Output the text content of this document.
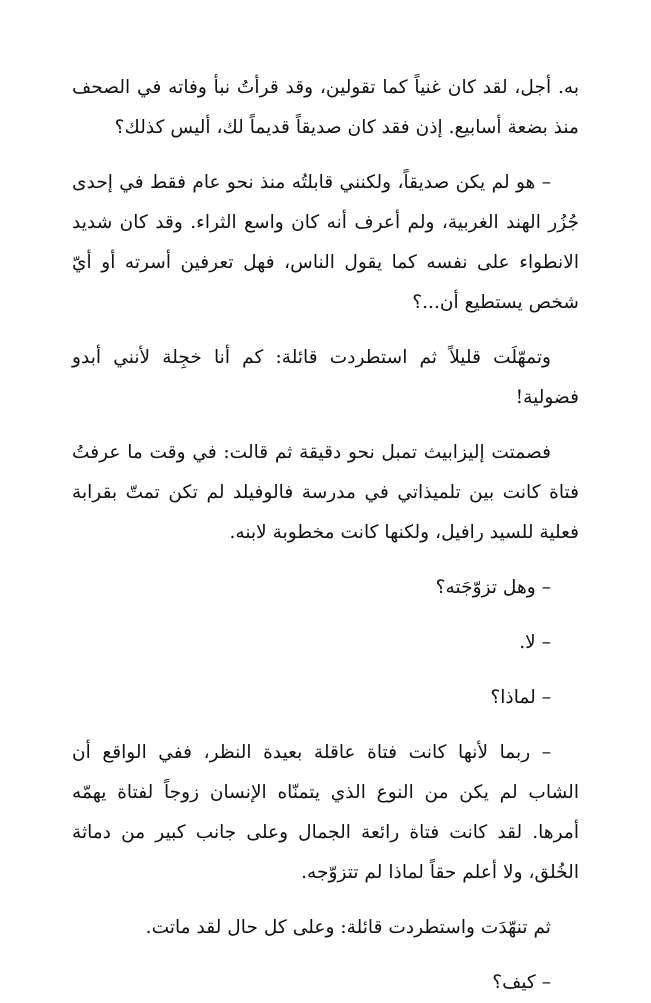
به. أجل، لقد كان غنياً كما تقولين، وقد قرأتُ نبأ وفاته في الصحف منذ بضعة أسابيع. إذن فقد كان صديقاً قديماً لك، أليس كذلك؟

– هو لم يكن صديقاً، ولكنني قابلتُه منذ نحو عام فقط في إحدى جُزُر الهند الغربية، ولم أعرف أنه كان واسع الثراء. وقد كان شديد الانطواء على نفسه كما يقول الناس، فهل تعرفين أسرته أو أيّ شخص يستطيع أن...؟

وتمهّلَت قليلاً ثم استطردت قائلة: كم أنا خجِلة لأنني أبدو فضولية!

فصمتت إليزابيث تمبل نحو دقيقة ثم قالت: في وقت ما عرفتُ فتاة كانت بين تلميذاتي في مدرسة فالوفيلد لم تكن تمتّ بقرابة فعلية للسيد رافيل، ولكنها كانت مخطوبة لابنه.

– وهل تزوّجَته؟

– لا.

– لماذا؟

– ربما لأنها كانت فتاة عاقلة بعيدة النظر، ففي الواقع أن الشاب لم يكن من النوع الذي يتمنّاه الإنسان زوجاً لفتاة يهمّه أمرها. لقد كانت فتاة رائعة الجمال وعلى جانب كبير من دماثة الخُلق، ولا أعلم حقاً لماذا لم تتزوّجه.

ثم تنهّدَت واستطردت قائلة: وعلى كل حال لقد ماتت.

– كيف؟
